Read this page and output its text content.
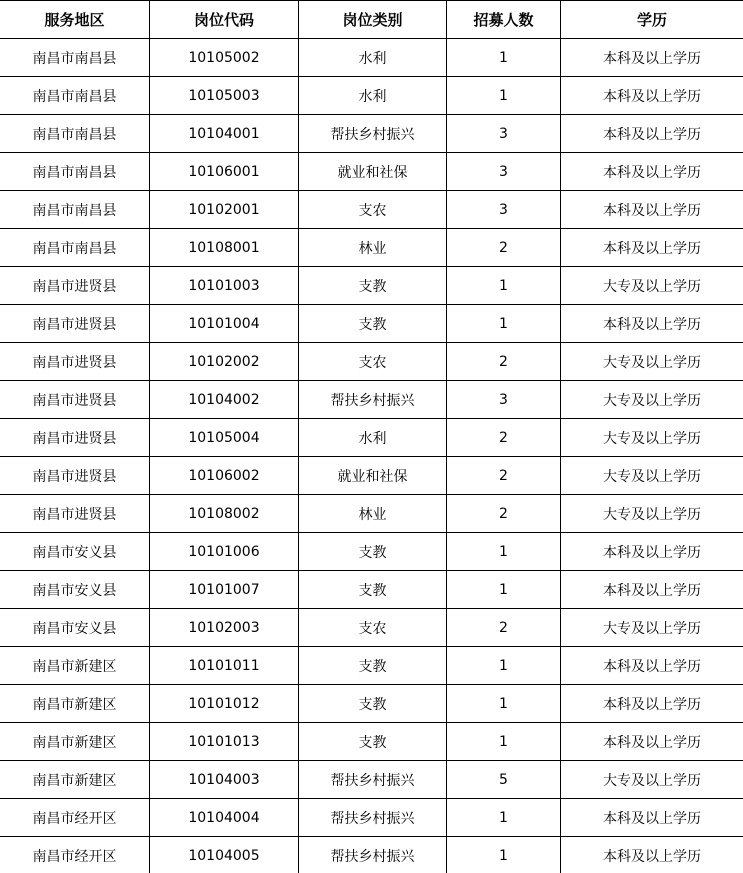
服务地区	岗位代码	岗位类别	招募人数	学历
南昌市南昌县	10105002	水利	1	本科及以上学历
南昌市南昌县	10105003	水利	1	本科及以上学历
南昌市南昌县	10104001	帮扶乡村振兴	3	本科及以上学历
南昌市南昌县	10106001	就业和社保	3	本科及以上学历
南昌市南昌县	10102001	支农	3	本科及以上学历
南昌市南昌县	10108001	林业	2	本科及以上学历
南昌市进贤县	10101003	支教	1	大专及以上学历
南昌市进贤县	10101004	支教	1	本科及以上学历
南昌市进贤县	10102002	支农	2	大专及以上学历
南昌市进贤县	10104002	帮扶乡村振兴	3	大专及以上学历
南昌市进贤县	10105004	水利	2	大专及以上学历
南昌市进贤县	10106002	就业和社保	2	大专及以上学历
南昌市进贤县	10108002	林业	2	大专及以上学历
南昌市安义县	10101006	支教	1	本科及以上学历
南昌市安义县	10101007	支教	1	本科及以上学历
南昌市安义县	10102003	支农	2	大专及以上学历
南昌市新建区	10101011	支教	1	本科及以上学历
南昌市新建区	10101012	支教	1	本科及以上学历
南昌市新建区	10101013	支教	1	本科及以上学历
南昌市新建区	10104003	帮扶乡村振兴	5	大专及以上学历
南昌市经开区	10104004	帮扶乡村振兴	1	本科及以上学历
南昌市经开区	10104005	帮扶乡村振兴	1	本科及以上学历
